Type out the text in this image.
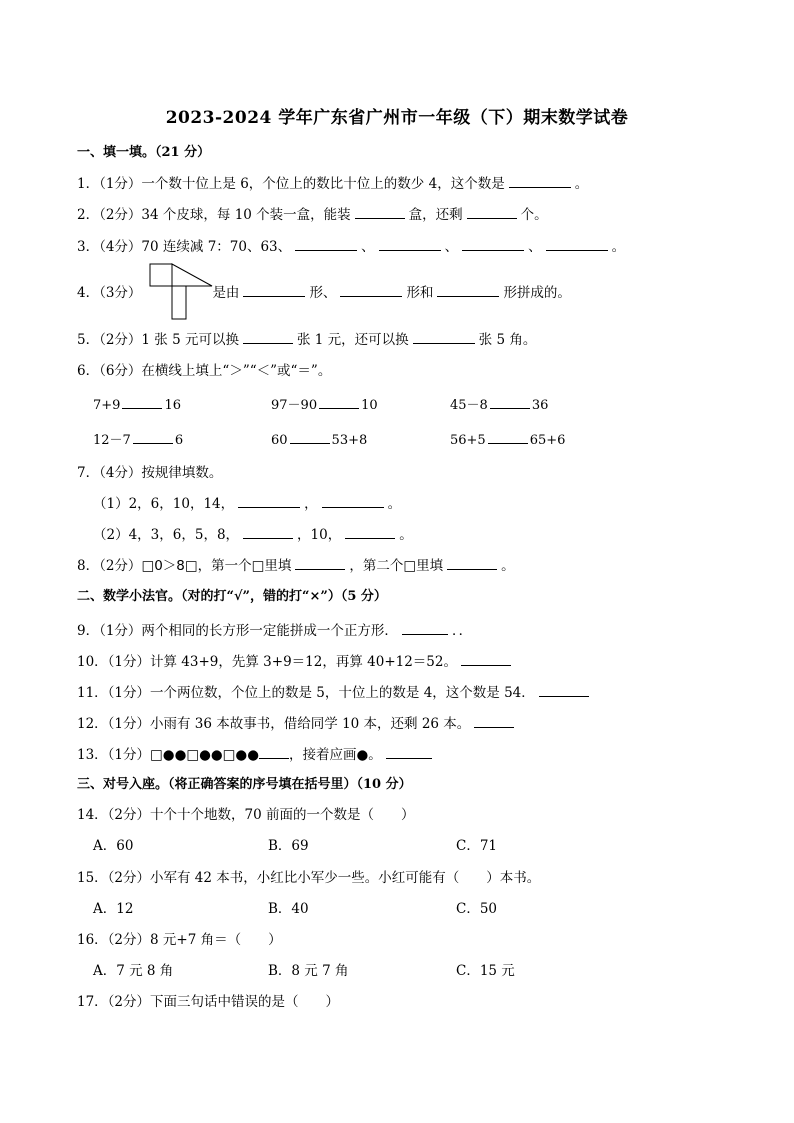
2023-2024 学年广东省广州市一年级（下）期末数学试卷
一、填一填。（21 分）
1．（1分）一个数十位上是 6，个位上的数比十位上的数少 4，这个数是	。
2．（2分）34 个皮球，每 10 个装一盒，能装	盒，还剩	个。
3．（4分）70 连续减 7：70、63、	、	、	、	。
4．（3分）	是由	形、	形和	形拼成的。
5．（2分）1 张 5 元可以换	张 1 元，还可以换	张 5 角。
6．（6分）在横线上填上“＞”“＜”或“＝”。
7+9	16	97－90	10	45－8	36
12－7	6	60	53+8	56+5	65+6
7．（4分）按规律填数。
（1）2，6，10，14，	，	。
（2）4，3，6，5，8，	，10，	。
8．（2分）□0＞8□，第一个□里填	，第二个□里填	。
二、数学小法官。（对的打“√”，错的打“×”）（5 分）
9．（1分）两个相同的长方形一定能拼成一个正方形．	．．
10．（1分）计算 43+9，先算 3+9＝12，再算 40+12＝52。
11．（1分）一个两位数，个位上的数是 5，十位上的数是 4，这个数是 54．
12．（1分）小雨有 36 本故事书，借给同学 10 本，还剩 26 本。
13．（1分）□●●□●●□●● ，接着应画●。
三、对号入座。（将正确答案的序号填在括号里）（10 分）
14．（2分）十个十个地数，70 前面的一个数是（　　）
A．60	B．69	C．71
15．（2分）小军有 42 本书，小红比小军少一些。小红可能有（　　）本书。
A．12	B．40	C．50
16．（2分）8 元+7 角＝（　　）
A．7 元 8 角	B．8 元 7 角	C．15 元
17．（2分）下面三句话中错误的是（　　）
